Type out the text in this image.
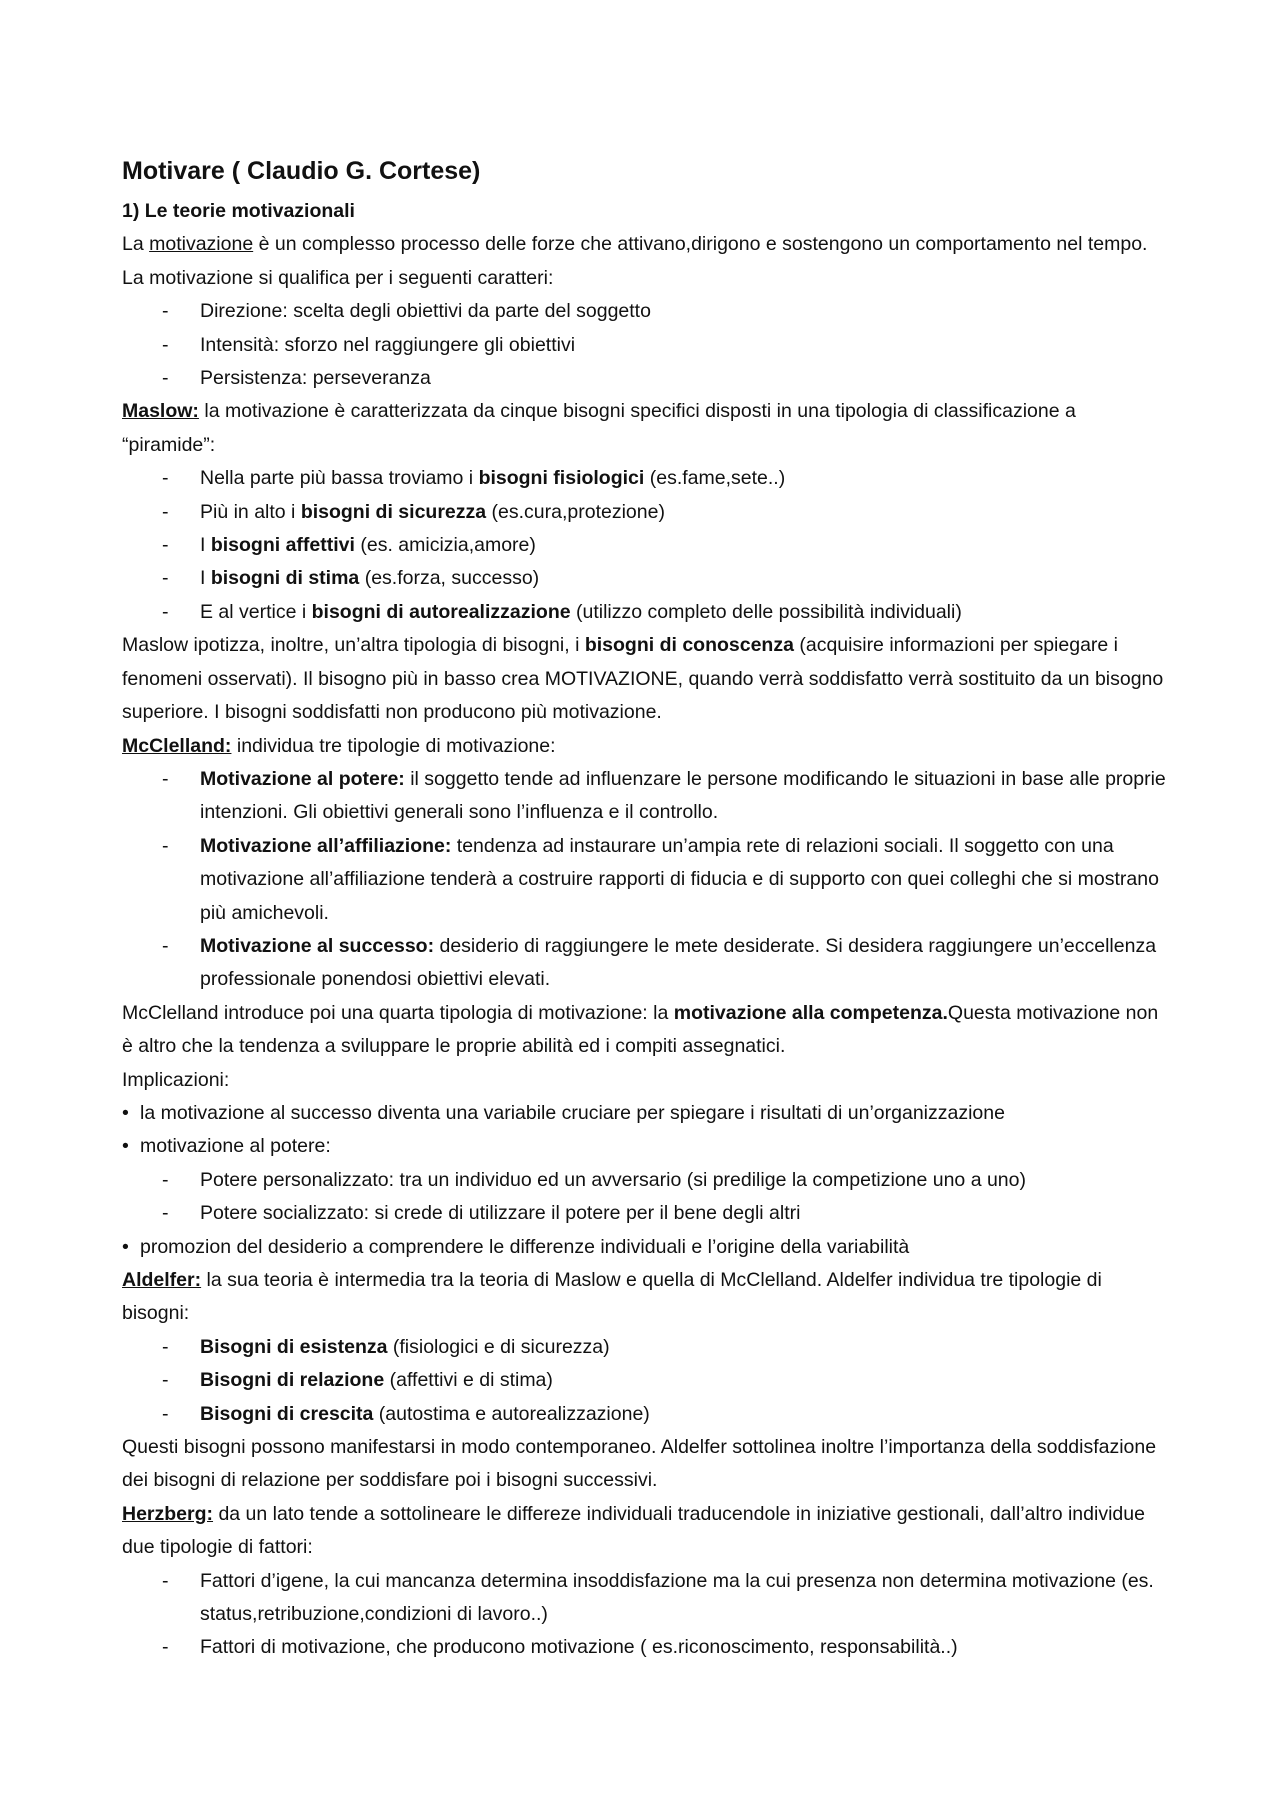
Motivare ( Claudio G. Cortese)
1) Le teorie motivazionali

La motivazione è un complesso processo delle forze che attivano,dirigono e sostengono un comportamento nel tempo. La motivazione si qualifica per i seguenti caratteri:

- Direzione: scelta degli obiettivi da parte del soggetto
- Intensità: sforzo nel raggiungere gli obiettivi
- Persistenza: perseveranza

Maslow: la motivazione è caratterizzata da cinque bisogni specifici disposti in una tipologia di classificazione a “piramide”:

- Nella parte più bassa troviamo i bisogni fisiologici (es.fame,sete..)
- Più in alto i bisogni di sicurezza (es.cura,protezione)
- I bisogni affettivi (es. amicizia,amore)
- I bisogni di stima (es.forza, successo)
- E al vertice i bisogni di autorealizzazione (utilizzo completo delle possibilità individuali)

Maslow ipotizza, inoltre, un’altra tipologia di bisogni, i bisogni di conoscenza (acquisire informazioni per spiegare i fenomeni osservati). Il bisogno più in basso crea MOTIVAZIONE, quando verrà soddisfatto verrà sostituito da un bisogno superiore. I bisogni soddisfatti non producono più motivazione.

McClelland: individua tre tipologie di motivazione:

- Motivazione al potere: il soggetto tende ad influenzare le persone modificando le situazioni in base alle proprie intenzioni. Gli obiettivi generali sono l’influenza e il controllo.
- Motivazione all’affiliazione: tendenza ad instaurare un’ampia rete di relazioni sociali. Il soggetto con una motivazione all’affiliazione tenderà a costruire rapporti di fiducia e di supporto con quei colleghi che si mostrano più amichevoli.
- Motivazione al successo: desiderio di raggiungere le mete desiderate. Si desidera raggiungere un’eccellenza professionale ponendosi obiettivi elevati.

McClelland introduce poi una quarta tipologia di motivazione: la motivazione alla competenza.Questa motivazione non è altro che la tendenza a sviluppare le proprie abilità ed i compiti assegnatici.

Implicazioni:

• la motivazione al successo diventa una variabile cruciare per spiegare i risultati di un’organizzazione
• motivazione al potere:
- Potere personalizzato: tra un individuo ed un avversario (si predilige la competizione uno a uno)
- Potere socializzato: si crede di utilizzare il potere per il bene degli altri
• promozion del desiderio a comprendere le differenze individuali e l’origine della variabilità

Aldelfer: la sua teoria è intermedia tra la teoria di Maslow e quella di McClelland. Aldelfer individua tre tipologie di bisogni:

- Bisogni di esistenza (fisiologici e di sicurezza)
- Bisogni di relazione (affettivi e di stima)
- Bisogni di crescita (autostima e autorealizzazione)

Questi bisogni possono manifestarsi in modo contemporaneo. Aldelfer sottolinea inoltre l’importanza della soddisfazione dei bisogni di relazione per soddisfare poi i bisogni successivi.

Herzberg: da un lato tende a sottolineare le differeze individuali traducendole in iniziative gestionali, dall’altro individue due tipologie di fattori:

- Fattori d’igene, la cui mancanza determina insoddisfazione ma la cui presenza non determina motivazione (es. status,retribuzione,condizioni di lavoro..)
- Fattori di motivazione, che producono motivazione ( es.riconoscimento, responsabilità..)
